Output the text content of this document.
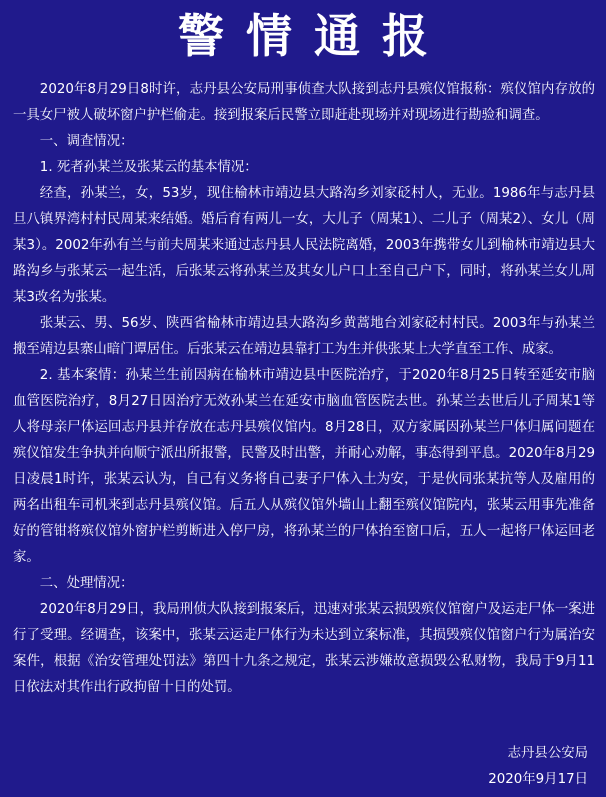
警情通报

2020年8月29日8时许，志丹县公安局刑事侦查大队接到志丹县殡仪馆报称：殡仪馆内存放的一具女尸被人破坏窗户护栏偷走。接到报案后民警立即赶赴现场并对现场进行勘验和调查。

一、调查情况：

1. 死者孙某兰及张某云的基本情况：

经查，孙某兰，女，53岁，现住榆林市靖边县大路沟乡刘家砭村人，无业。1986年与志丹县旦八镇界湾村村民周某来结婚。婚后育有两儿一女，大儿子（周某1）、二儿子（周某2）、女儿（周某3）。2002年孙有兰与前夫周某来通过志丹县人民法院离婚，2003年携带女儿到榆林市靖边县大路沟乡与张某云一起生活，后张某云将孙某兰及其女儿户口上至自己户下，同时，将孙某兰女儿周某3改名为张某。

张某云、男、56岁、陕西省榆林市靖边县大路沟乡黄蒿地台刘家砭村村民。2003年与孙某兰搬至靖边县寨山暗门谭居住。后张某云在靖边县靠打工为生并供张某上大学直至工作、成家。

2. 基本案情：孙某兰生前因病在榆林市靖边县中医院治疗，于2020年8月25日转至延安市脑血管医院治疗，8月27日因治疗无效孙某兰在延安市脑血管医院去世。孙某兰去世后儿子周某1等人将母亲尸体运回志丹县并存放在志丹县殡仪馆内。8月28日，双方家属因孙某兰尸体归属问题在殡仪馆发生争执并向顺宁派出所报警，民警及时出警，并耐心劝解，事态得到平息。2020年8月29日凌晨1时许，张某云认为，自己有义务将自己妻子尸体入土为安，于是伙同张某抗等人及雇用的两名出租车司机来到志丹县殡仪馆。后五人从殡仪馆外墙山上翻至殡仪馆院内，张某云用事先准备好的管钳将殡仪馆外窗护栏剪断进入停尸房，将孙某兰的尸体抬至窗口后，五人一起将尸体运回老家。

二、处理情况：

2020年8月29日，我局刑侦大队接到报案后，迅速对张某云损毁殡仪馆窗户及运走尸体一案进行了受理。经调查，该案中，张某云运走尸体行为未达到立案标准，其损毁殡仪馆窗户行为属治安案件，根据《治安管理处罚法》第四十九条之规定，张某云涉嫌故意损毁公私财物，我局于9月11日依法对其作出行政拘留十日的处罚。

志丹县公安局
2020年9月17日
